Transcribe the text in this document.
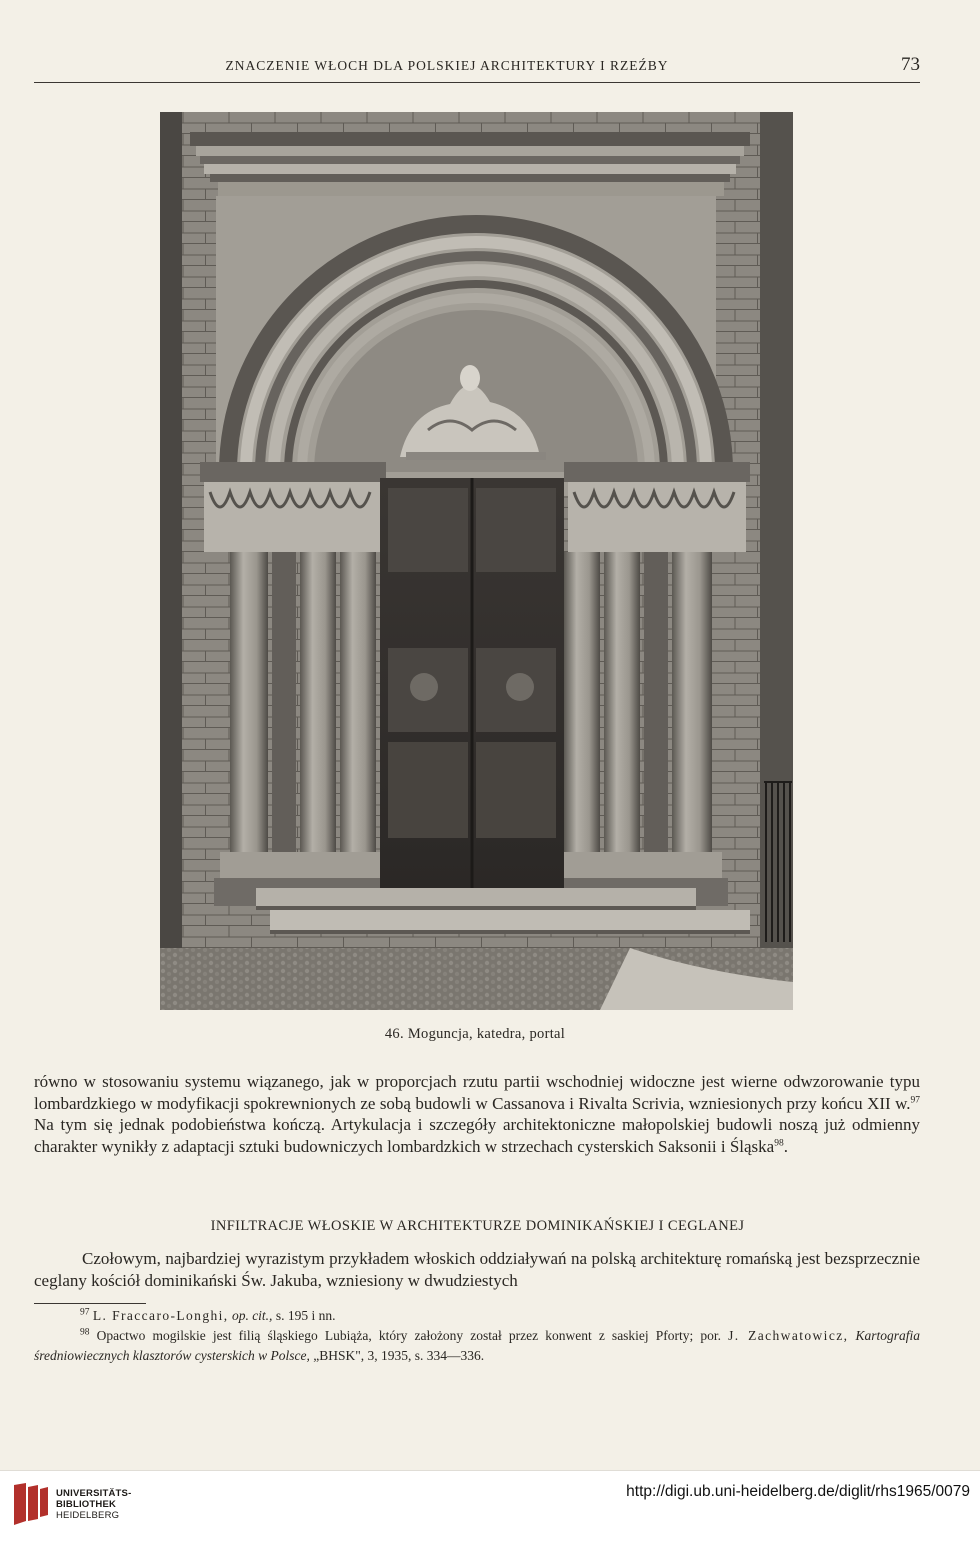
ZNACZENIE WŁOCH DLA POLSKIEJ ARCHITEKTURY I RZEŹBY	73
46. Moguncja, katedra, portal
równo w stosowaniu systemu wiązanego, jak w proporcjach rzutu partii wschodniej widoczne jest wierne odwzorowanie typu lombardzkiego w modyfikacji spokrewnionych ze sobą budowli w Cassanova i Rivalta Scrivia, wzniesionych przy końcu XII w.$^{97}$ Na tym się jednak podobieństwa kończą. Artykulacja i szczegóły architektoniczne małopolskiej budowli noszą już odmienny charakter wynikły z adaptacji sztuki budowniczych lombardzkich w strzechach cysterskich Saksonii i Śląska$^{98}$.
INFILTRACJE WŁOSKIE W ARCHITEKTURZE DOMINIKAŃSKIEJ I CEGLANEJ
Czołowym, najbardziej wyrazistym przykładem włoskich oddziaływań na polską architekturę romańską jest bezsprzecznie ceglany kościół dominikański Św. Jakuba, wzniesiony w dwudziestych

$^{97}$ L. Fraccaro-Longhi, op. cit., s. 195 i nn.

$^{98}$ Opactwo mogilskie jest filią śląskiego Lubiąża, który założony został przez konwent z saskiej Pforty; por. J. Zachwatowicz, Kartografia średniowiecznych klasztorów cysterskich w Polsce, „BHSK", 3, 1935, s. 334—336.

UNIVERSITÄTS-
BIBLIOTHEK
HEIDELBERG
http://digi.ub.uni-heidelberg.de/diglit/rhs1965/0079
